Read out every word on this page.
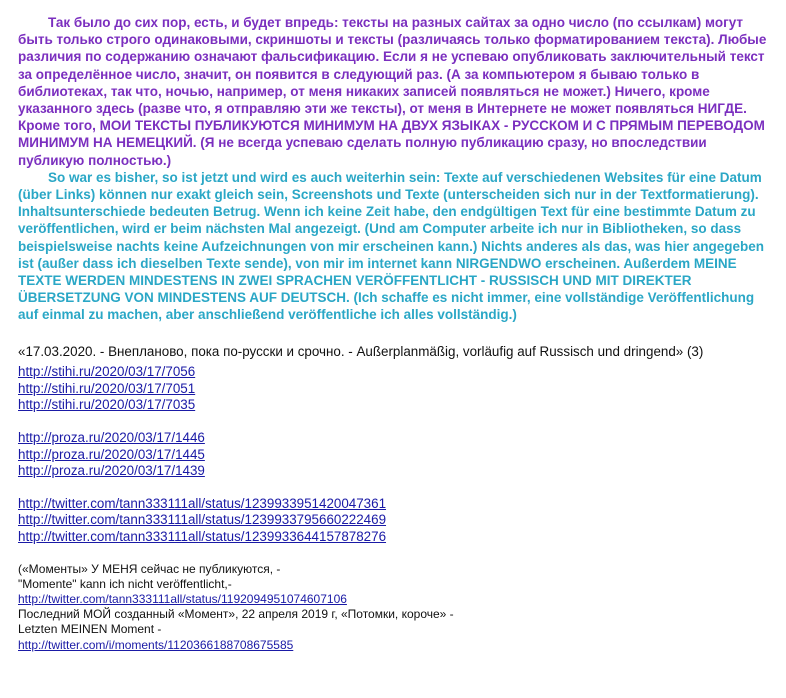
Так было до сих пор, есть, и будет впредь: тексты на разных сайтах за одно число (по ссылкам) могут быть только строго одинаковыми, скриншоты и тексты (различаясь только форматированием текста). Любые различия по содержанию означают фальсификацию. Если я не успеваю опубликовать заключительный текст за определённое число, значит, он появится в следующий раз. (А за компьютером я бываю только в библиотеках, так что, ночью, например, от меня никаких записей появляться не может.) Ничего, кроме указанного здесь (разве что, я отправляю эти же тексты), от меня в Интернете не может появляться НИГДЕ. Кроме того, МОИ ТЕКСТЫ ПУБЛИКУЮТСЯ МИНИМУМ НА ДВУХ ЯЗЫКАХ - РУССКОМ И С ПРЯМЫМ ПЕРЕВОДОМ МИНИМУМ НА НЕМЕЦКИЙ. (Я не всегда успеваю сделать полную публикацию сразу, но впоследствии публикую полностью.)

So war es bisher, so ist jetzt und wird es auch weiterhin sein: Texte auf verschiedenen Websites für eine Datum (über Links) können nur exakt gleich sein, Screenshots und Texte (unterscheiden sich nur in der Textformatierung). Inhaltsunterschiede bedeuten Betrug. Wenn ich keine Zeit habe, den endgültigen Text für eine bestimmte Datum zu veröffentlichen, wird er beim nächsten Mal angezeigt. (Und am Computer arbeite ich nur in Bibliotheken, so dass beispielsweise nachts keine Aufzeichnungen von mir erscheinen kann.) Nichts anderes als das, was hier angegeben ist (außer dass ich dieselben Texte sende), von mir im internet kann NIRGENDWO erscheinen. Außerdem MEINE TEXTE WERDEN MINDESTENS IN ZWEI SPRACHEN VERÖFFENTLICHT - RUSSISCH UND MIT DIREKTER ÜBERSETZUNG VON MINDESTENS AUF DEUTSCH. (Ich schaffe es nicht immer, eine vollständige Veröffentlichung auf einmal zu machen, aber anschließend veröffentliche ich alles vollständig.)

«17.03.2020. - Внепланово, пока по-русски и срочно. - Außerplanmäßig, vorläufig auf Russisch und dringend» (3)
http://stihi.ru/2020/03/17/7056
http://stihi.ru/2020/03/17/7051
http://stihi.ru/2020/03/17/7035
http://proza.ru/2020/03/17/1446
http://proza.ru/2020/03/17/1445
http://proza.ru/2020/03/17/1439
http://twitter.com/tann333111all/status/1239933951420047361
http://twitter.com/tann333111all/status/1239933795660222469
http://twitter.com/tann333111all/status/1239933644157878276
(«Моменты» У МЕНЯ сейчас не публикуются, -
"Momente" kann ich nicht veröffentlicht,-
http://twitter.com/tann333111all/status/1192094951074607106
Последний МОЙ созданный «Момент», 22 апреля 2019 г, «Потомки, короче» -
Letzten MEINEN Moment -
http://twitter.com/i/moments/1120366188708675585
